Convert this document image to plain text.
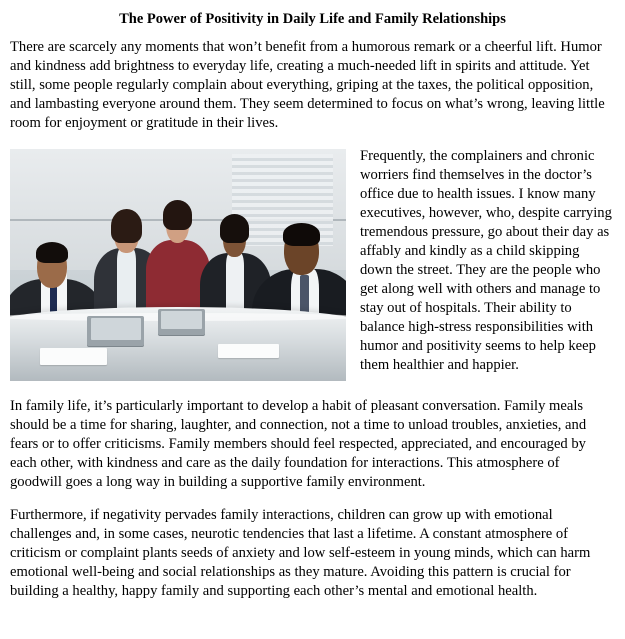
The Power of Positivity in Daily Life and Family Relationships

There are scarcely any moments that won’t benefit from a humorous remark or a cheerful lift. Humor and kindness add brightness to everyday life, creating a much-needed lift in spirits and attitude. Yet still, some people regularly complain about everything, griping at the taxes, the political opposition, and lambasting everyone around them. They seem determined to focus on what’s wrong, leaving little room for enjoyment or gratitude in their lives.

Frequently, the complainers and chronic worriers find themselves in the doctor’s office due to health issues. I know many executives, however, who, despite carrying tremendous pressure, go about their day as affably and kindly as a child skipping down the street. They are the people who get along well with others and manage to stay out of hospitals. Their ability to balance high-stress responsibilities with humor and positivity seems to help keep them healthier and happier.

In family life, it’s particularly important to develop a habit of pleasant conversation. Family meals should be a time for sharing, laughter, and connection, not a time to unload troubles, anxieties, and fears or to offer criticisms. Family members should feel respected, appreciated, and encouraged by each other, with kindness and care as the daily foundation for interactions. This atmosphere of goodwill goes a long way in building a supportive family environment.

Furthermore, if negativity pervades family interactions, children can grow up with emotional challenges and, in some cases, neurotic tendencies that last a lifetime. A constant atmosphere of criticism or complaint plants seeds of anxiety and low self-esteem in young minds, which can harm emotional well-being and social relationships as they mature. Avoiding this pattern is crucial for building a healthy, happy family and supporting each other’s mental and emotional health.
